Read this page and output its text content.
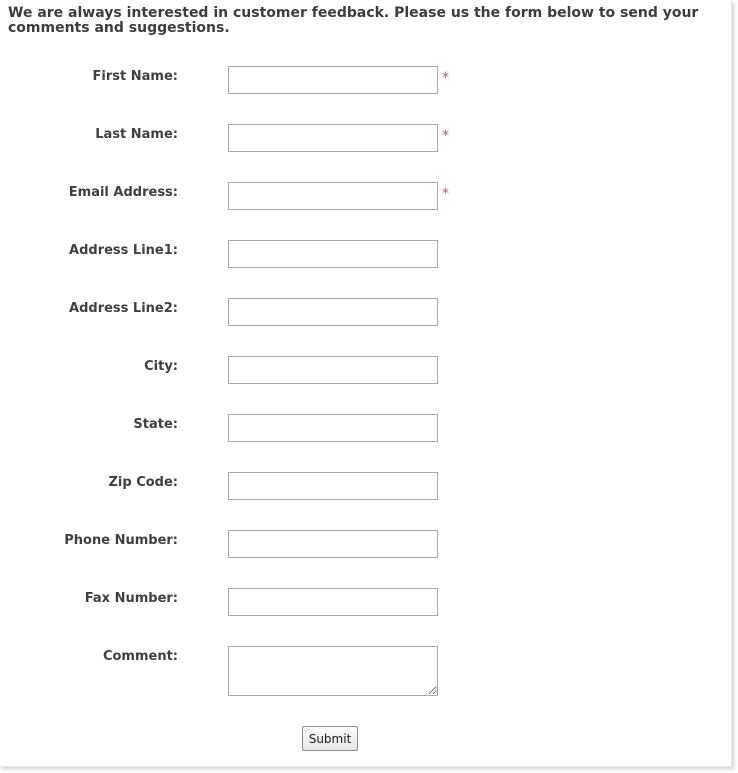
We are always interested in customer feedback. Please us the form below to send your comments and suggestions.

First Name:	*
Last Name:	*
Email Address:	*
Address Line1:
Address Line2:
City:
State:
Zip Code:
Phone Number:
Fax Number:
Comment:
Submit
